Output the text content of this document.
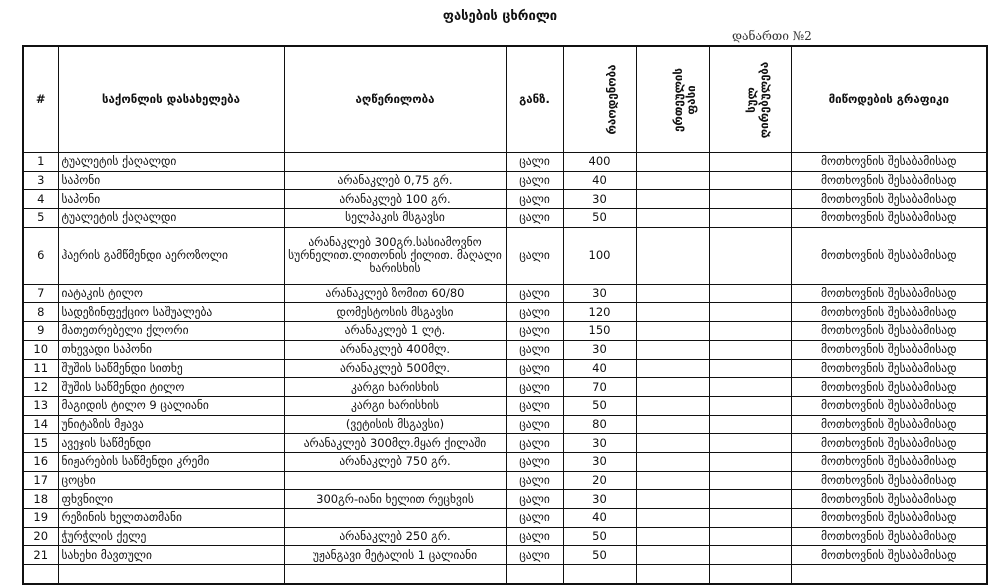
ფასების ცხრილი
დანართი №2
#	საქონლის დასახელება	აღწერილობა	განზ.	რაოდენობა	ერთეულის ფასი	სულ ღირებულება	მიწოდების გრაფიკი
1	ტუალეტის ქაღალდი		ცალი	400			მოთხოვნის შესაბამისად
3	საპონი	არანაკლებ 0,75 გრ.	ცალი	40			მოთხოვნის შესაბამისად
4	საპონი	არანაკლებ 100 გრ.	ცალი	30			მოთხოვნის შესაბამისად
5	ტუალეტის ქაღალდი	სელპაკის მსგავსი	ცალი	50			მოთხოვნის შესაბამისად
6	ჰაერის გამწმენდი აეროზოლი	არანაკლებ 300გრ.სასიამოვნო სურნელით.ლითონის ქილით. მაღალი ხარისხის	ცალი	100			მოთხოვნის შესაბამისად
7	იატაკის ტილო	არანაკლებ ზომით 60/80	ცალი	30			მოთხოვნის შესაბამისად
8	სადეზინფექციო საშუალება	დომესტოსის მსგავსი	ცალი	120			მოთხოვნის შესაბამისად
9	მათეთრებელი ქლორი	არანაკლებ 1 ლტ.	ცალი	150			მოთხოვნის შესაბამისად
10	თხევადი საპონი	არანაკლებ 400მლ.	ცალი	30			მოთხოვნის შესაბამისად
11	შუშის საწმენდი სითხე	არანაკლებ 500მლ.	ცალი	40			მოთხოვნის შესაბამისად
12	შუშის საწმენდი ტილო	კარგი ხარისხის	ცალი	70			მოთხოვნის შესაბამისად
13	მაგიდის ტილო 9 ცალიანი	კარგი ხარისხის	ცალი	50			მოთხოვნის შესაბამისად
14	უნიტაზის მჟავა	(ვეტისის მსგავსი)	ცალი	80			მოთხოვნის შესაბამისად
15	ავეჯის საწმენდი	არანაკლებ 300მლ.მყარ ქილაში	ცალი	30			მოთხოვნის შესაბამისად
16	ნიჟარების საწმენდი კრემი	არანაკლებ 750 გრ.	ცალი	30			მოთხოვნის შესაბამისად
17	ცოცხი		ცალი	20			მოთხოვნის შესაბამისად
18	ფხვნილი	300გრ-იანი ხელით რეცხვის	ცალი	30			მოთხოვნის შესაბამისად
19	რეზინის ხელთათმანი		ცალი	40			მოთხოვნის შესაბამისად
20	ჭურჭლის ქელე	არანაკლებ 250 გრ.	ცალი	50			მოთხოვნის შესაბამისად
21	სახეხი მავთული	უჟანგავი მეტალის 1 ცალიანი	ცალი	50			მოთხოვნის შესაბამისად
